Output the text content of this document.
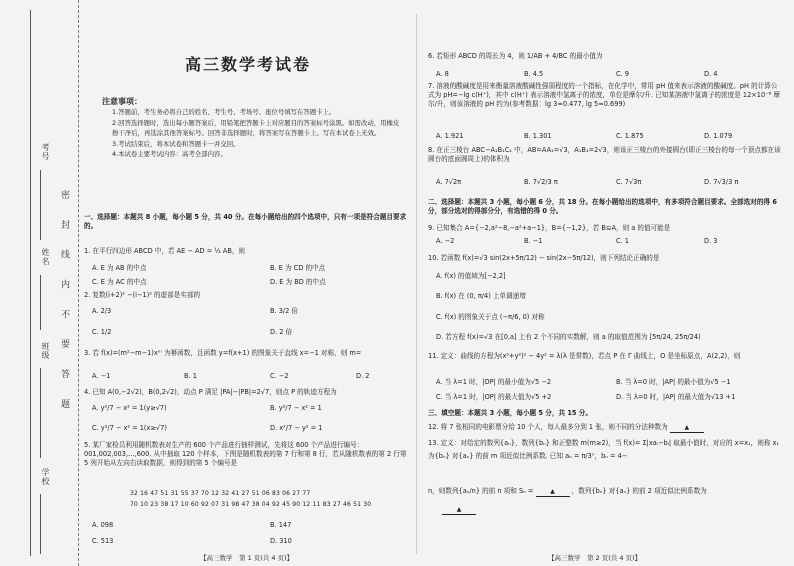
考号
姓名
班级
学校
密 封 线 内 不 要 答 题
高三数学考试卷
注意事项：
1.答题前，考生务必将自己的姓名、考生号、考场号、座位号填写在答题卡上。
2.回答选择题时，选出每小题答案后，用铅笔把答题卡上对应题目的答案标号涂黑。如需改动，用橡皮擦干净后，再选涂其他答案标号。回答非选择题时，将答案写在答题卡上。写在本试卷上无效。
3.考试结束后，将本试卷和答题卡一并交回。
4.本试卷主要考试内容：高考全部内容。
一、选择题：本题共 8 小题，每小题 5 分，共 40 分。在每小题给出的四个选项中，只有一项是符合题目要求的。
1. 在平行四边形 ABCD 中，若 AE − AD = ½ AB，则
A. E 为 AB 的中点	B. E 为 CD 的中点
C. E 为 AC 的中点	D. E 为 BD 的中点
2. 复数(i+2)² −(i−1)² 的虚部是实部的
A. 2/3	B. 3/2 倍
C. 1/2	D. 2 倍
3. 若 f(x)=(m²−m−1)xᵐ 为幂函数，且函数 y=f(x+1) 的图象关于直线 x=−1 对称，则 m=
A. −1	B. 1	C. −2	D. 2
4. 已知 A(0,−2√2)，B(0,2√2)，动点 P 满足 |PA|−|PB|=2√7，则点 P 的轨迹方程为
A. y²/7 − x² = 1(y≥√7)	B. y²/7 − x² = 1
C. y²/7 − x² = 1(x≥√7)	D. x²/7 − y² = 1
5. 某厂家检员利用随机数表对生产的 600 个产品进行抽样测试，先将这 600 个产品进行编号：001,002,003,…,600. 从中抽取 120 个样本，下图是随机数表的第 7 行和第 8 行，若从随机数表的第 2 行第 5 列开始从左向右读取数据，则得到的第 5 个编号是
A. 098	B. 147
C. 513	D. 310
32 16 47 51 31 55 37 70 12 32 41 27 51 06 83 06 27 77
70 10 23 38 17 10 60 92 07 31 98 47 38 04 92 45 90 12 11 83 27 46 51 30
【高三数学　第 1 页(共 4 页)】
6. 若矩形 ABCD 的周长为 4，则 1/AB + 4/BC 的最小值为
A. 8	B. 4.5	C. 9	D. 4
7. 溶液的酸碱度是用来衡量溶液酸碱性强弱程度的一个指标，在化学中，常用 pH 值来表示溶液的酸碱度。pH 的计算公式为 pH=−lg c(H⁺)，其中 c(H⁺) 表示溶液中氢离子的浓度，单位是摩尔/升. 已知某溶液中氢离子的浓度是 12×10⁻⁸ 摩尔/升，则该溶液的 pH 约为(参考数据：lg 3≈0.477, lg 5≈0.699)
A. 1.921	B. 1.301	C. 1.875	D. 1.079
8. 在正三棱台 ABC−A₁B₁C₁ 中，AB=AA₁=√3，A₁B₁=2√3，则该正三棱台的外接圆台(即正三棱台的每一个顶点都在该圆台的底面圆周上)的体积为
A. 7√2π	B. 7√2/3 π	C. 7√3π	D. 7√3/3 π
二、选择题：本题共 3 小题，每小题 6 分，共 18 分。在每小题给出的选项中，有多项符合题目要求。全部选对的得 6 分，部分选对的得部分分，有选错的得 0 分。
9. 已知集合 A={−2,a²−8,−a²+a−1}，B={−1,2}，若 B⊆A，则 a 的值可能是
A. −2	B. −1	C. 1	D. 3
10. 若函数 f(x)=√3 sin(2x+5π/12) − sin(2x−5π/12)，则下列结论正确的是
A. f(x) 的值域为[−2,2]
B. f(x) 在 (0, π/4) 上单调递增
C. f(x) 的图象关于点 (−π/6, 0) 对称
D. 若方程 f(x)=√3 在[0,a] 上有 2 个不同的实数解，则 a 的取值范围为 [5π/24, 25π/24)
11. 定义：曲线的方程为(x²+y²)² − 4y² = λ(λ 是常数)，若点 P 在 Γ 曲线上，O 是坐标原点，A(2,2)，则
A. 当 λ=1 时，|OP| 的最小值为√5 −2	B. 当 λ=0 时，|AP| 的最小值为√5 −1
C. 当 λ=1 时，|OP| 的最大值为√5 +2	D. 当 λ=0 时，|AP| 的最大值为√13 +1
三、填空题：本题共 3 小题，每小题 5 分，共 15 分。
12. 将 7 张相同的电影票分给 10 个人，每人最多分到 1 张，则不同的分法种数为	▲
13. 定义：对给定的数列{aₙ}，数列{bₙ} 和正整数 m(m≥2)，当 f(x)= Σ|xaᵢ−bᵢ| 取最小值时，对应的 x=x₁，则称 x₁ 为{bₙ} 对{aₙ} 的前 m 项近似比例系数. 已知 aₙ = π/3ⁿ，bₙ = 4−
n，则数列{aₙ/n} 的前 n 项和 Sₙ =	▲	，数列{bₙ} 对{aₙ} 的前 2 项近似比例系数为
▲
【高三数学　第 2 页(共 4 页)】
